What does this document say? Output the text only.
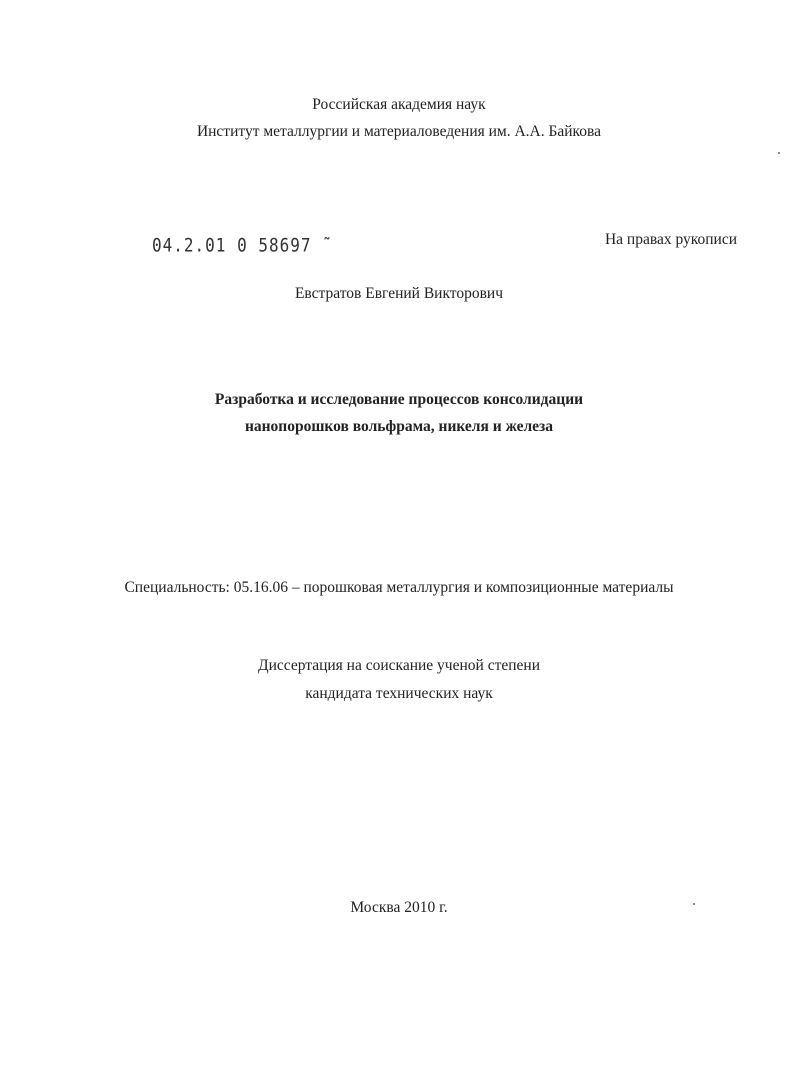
Российская академия наук
Институт металлургии и материаловедения им. А.А. Байкова
04.2.01 0 58697 ˜	На правах рукописи
Евстратов Евгений Викторович
Разработка и исследование процессов консолидации
нанопорошков вольфрама, никеля и железа
Специальность: 05.16.06 – порошковая металлургия и композиционные материалы
Диссертация на соискание ученой степени
кандидата технических наук
Москва 2010 г.
